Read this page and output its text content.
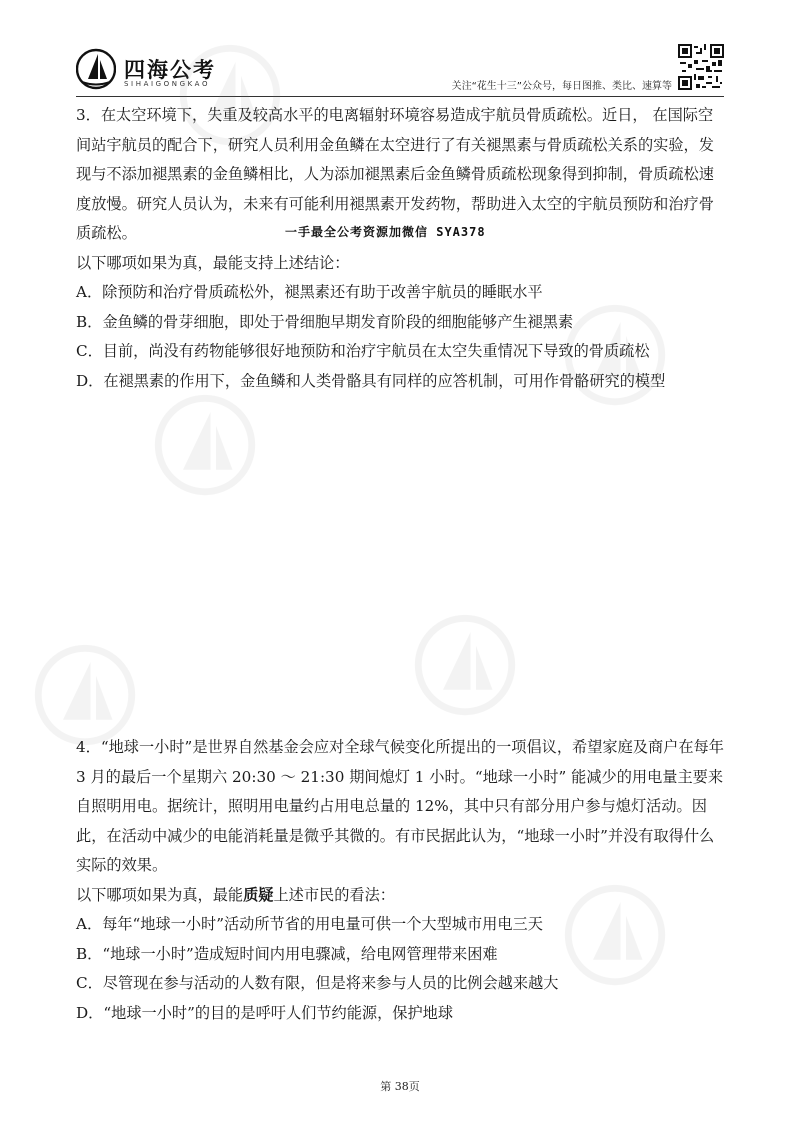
四海公考
SIHAIGONGKAO	关注“花生十三”公众号，每日图推、类比、速算等

3．在太空环境下，失重及较高水平的电离辐射环境容易造成宇航员骨质疏松。近日， 在国际空间站宇航员的配合下，研究人员利用金鱼鳞在太空进行了有关褪黑素与骨质疏松关系的实验，发现与不添加褪黑素的金鱼鳞相比，人为添加褪黑素后金鱼鳞骨质疏松现象得到抑制，骨质疏松速度放慢。研究人员认为，未来有可能利用褪黑素开发药物，帮助进入太空的宇航员预防和治疗骨质疏松。

以下哪项如果为真，最能支持上述结论：

A．除预防和治疗骨质疏松外，褪黑素还有助于改善宇航员的睡眠水平

B．金鱼鳞的骨芽细胞，即处于骨细胞早期发育阶段的细胞能够产生褪黑素

C．目前，尚没有药物能够很好地预防和治疗宇航员在太空失重情况下导致的骨质疏松

D．在褪黑素的作用下，金鱼鳞和人类骨骼具有同样的应答机制，可用作骨骼研究的模型

一手最全公考资源加微信 SYA378

4．“地球一小时”是世界自然基金会应对全球气候变化所提出的一项倡议，希望家庭及商户在每年 3 月的最后一个星期六 20:30 ～ 21:30 期间熄灯 1 小时。“地球一小时” 能减少的用电量主要来自照明用电。据统计，照明用电量约占用电总量的 12%，其中只有部分用户参与熄灯活动。因此，在活动中减少的电能消耗量是微乎其微的。有市民据此认为，“地球一小时”并没有取得什么实际的效果。

以下哪项如果为真，最能质疑上述市民的看法：

A．每年“地球一小时”活动所节省的用电量可供一个大型城市用电三天

B．“地球一小时”造成短时间内用电骤减，给电网管理带来困难

C．尽管现在参与活动的人数有限，但是将来参与人员的比例会越来越大

D．“地球一小时”的目的是呼吁人们节约能源，保护地球

第 38页
